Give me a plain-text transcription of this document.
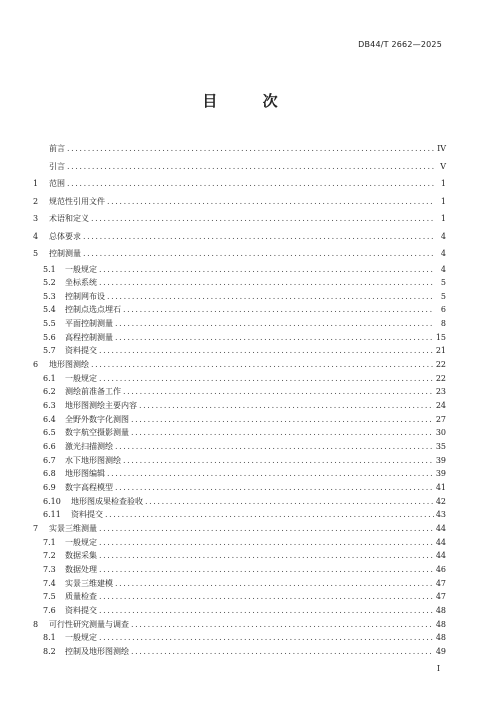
DB44/T 2662—2025
目 次
前言 .....	IV
引言 .....	V
1	范围 .....	1
2	规范性引用文件 .....	1
3	术语和定义 .....	1
4	总体要求 .....	4
5	控制测量 .....	4
5.1	一般规定 .....	4
5.2	坐标系统 .....	5
5.3	控制网布设 .....	5
5.4	控制点选点埋石 .....	6
5.5	平面控制测量 .....	8
5.6	高程控制测量 .....	15
5.7	资料提交 .....	21
6	地形图测绘 .....	22
6.1	一般规定 .....	22
6.2	测绘前准备工作 .....	23
6.3	地形图测绘主要内容 .....	24
6.4	全野外数字化测图 .....	27
6.5	数字航空摄影测量 .....	30
6.6	激光扫描测绘 .....	35
6.7	水下地形图测绘 .....	39
6.8	地形图编辑 .....	39
6.9	数字高程模型 .....	41
6.10	地形图成果检查验收 .....	42
6.11	资料提交 .....	43
7	实景三维测量 .....	44
7.1	一般规定 .....	44
7.2	数据采集 .....	44
7.3	数据处理 .....	46
7.4	实景三维建模 .....	47
7.5	质量检查 .....	47
7.6	资料提交 .....	48
8	可行性研究测量与调查 .....	48
8.1	一般规定 .....	48
8.2	控制及地形图测绘 .....	49
I
